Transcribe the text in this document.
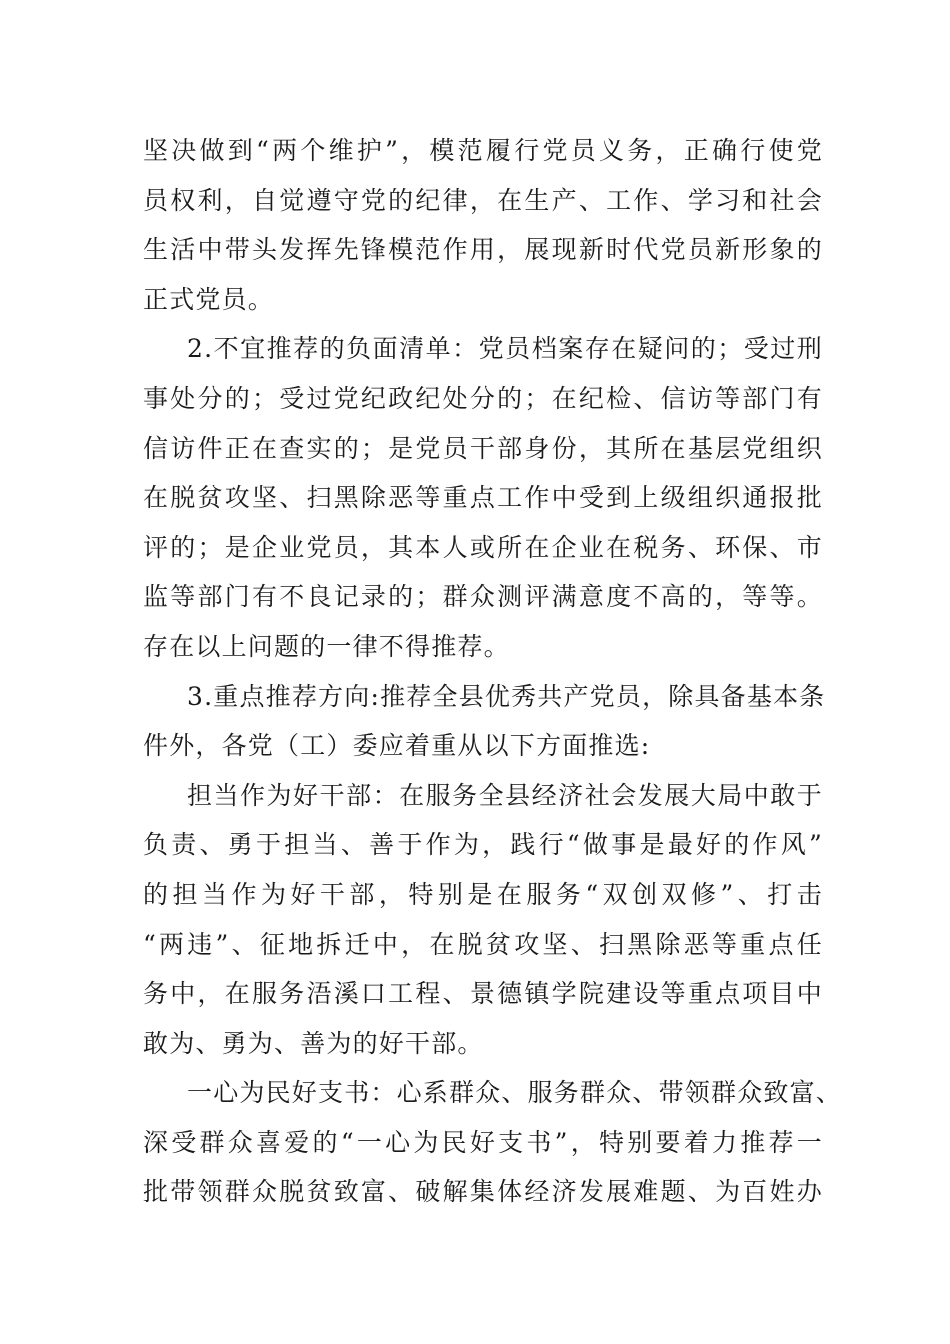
坚决做到“两个维护”，模范履行党员义务，正确行使党
员权利，自觉遵守党的纪律，在生产、工作、学习和社会
生活中带头发挥先锋模范作用，展现新时代党员新形象的
正式党员。
2.不宜推荐的负面清单：党员档案存在疑问的；受过刑
事处分的；受过党纪政纪处分的；在纪检、信访等部门有
信访件正在查实的；是党员干部身份，其所在基层党组织
在脱贫攻坚、扫黑除恶等重点工作中受到上级组织通报批
评的；是企业党员，其本人或所在企业在税务、环保、市
监等部门有不良记录的；群众测评满意度不高的，等等。
存在以上问题的一律不得推荐。
3.重点推荐方向:推荐全县优秀共产党员，除具备基本条
件外，各党（工）委应着重从以下方面推选:
担当作为好干部：在服务全县经济社会发展大局中敢于
负责、勇于担当、善于作为，践行“做事是最好的作风”
的担当作为好干部，特别是在服务“双创双修”、打击
“两违”、征地拆迁中，在脱贫攻坚、扫黑除恶等重点任
务中，在服务浯溪口工程、景德镇学院建设等重点项目中
敢为、勇为、善为的好干部。
一心为民好支书：心系群众、服务群众、带领群众致富、
深受群众喜爱的“一心为民好支书”，特别要着力推荐一
批带领群众脱贫致富、破解集体经济发展难题、为百姓办
